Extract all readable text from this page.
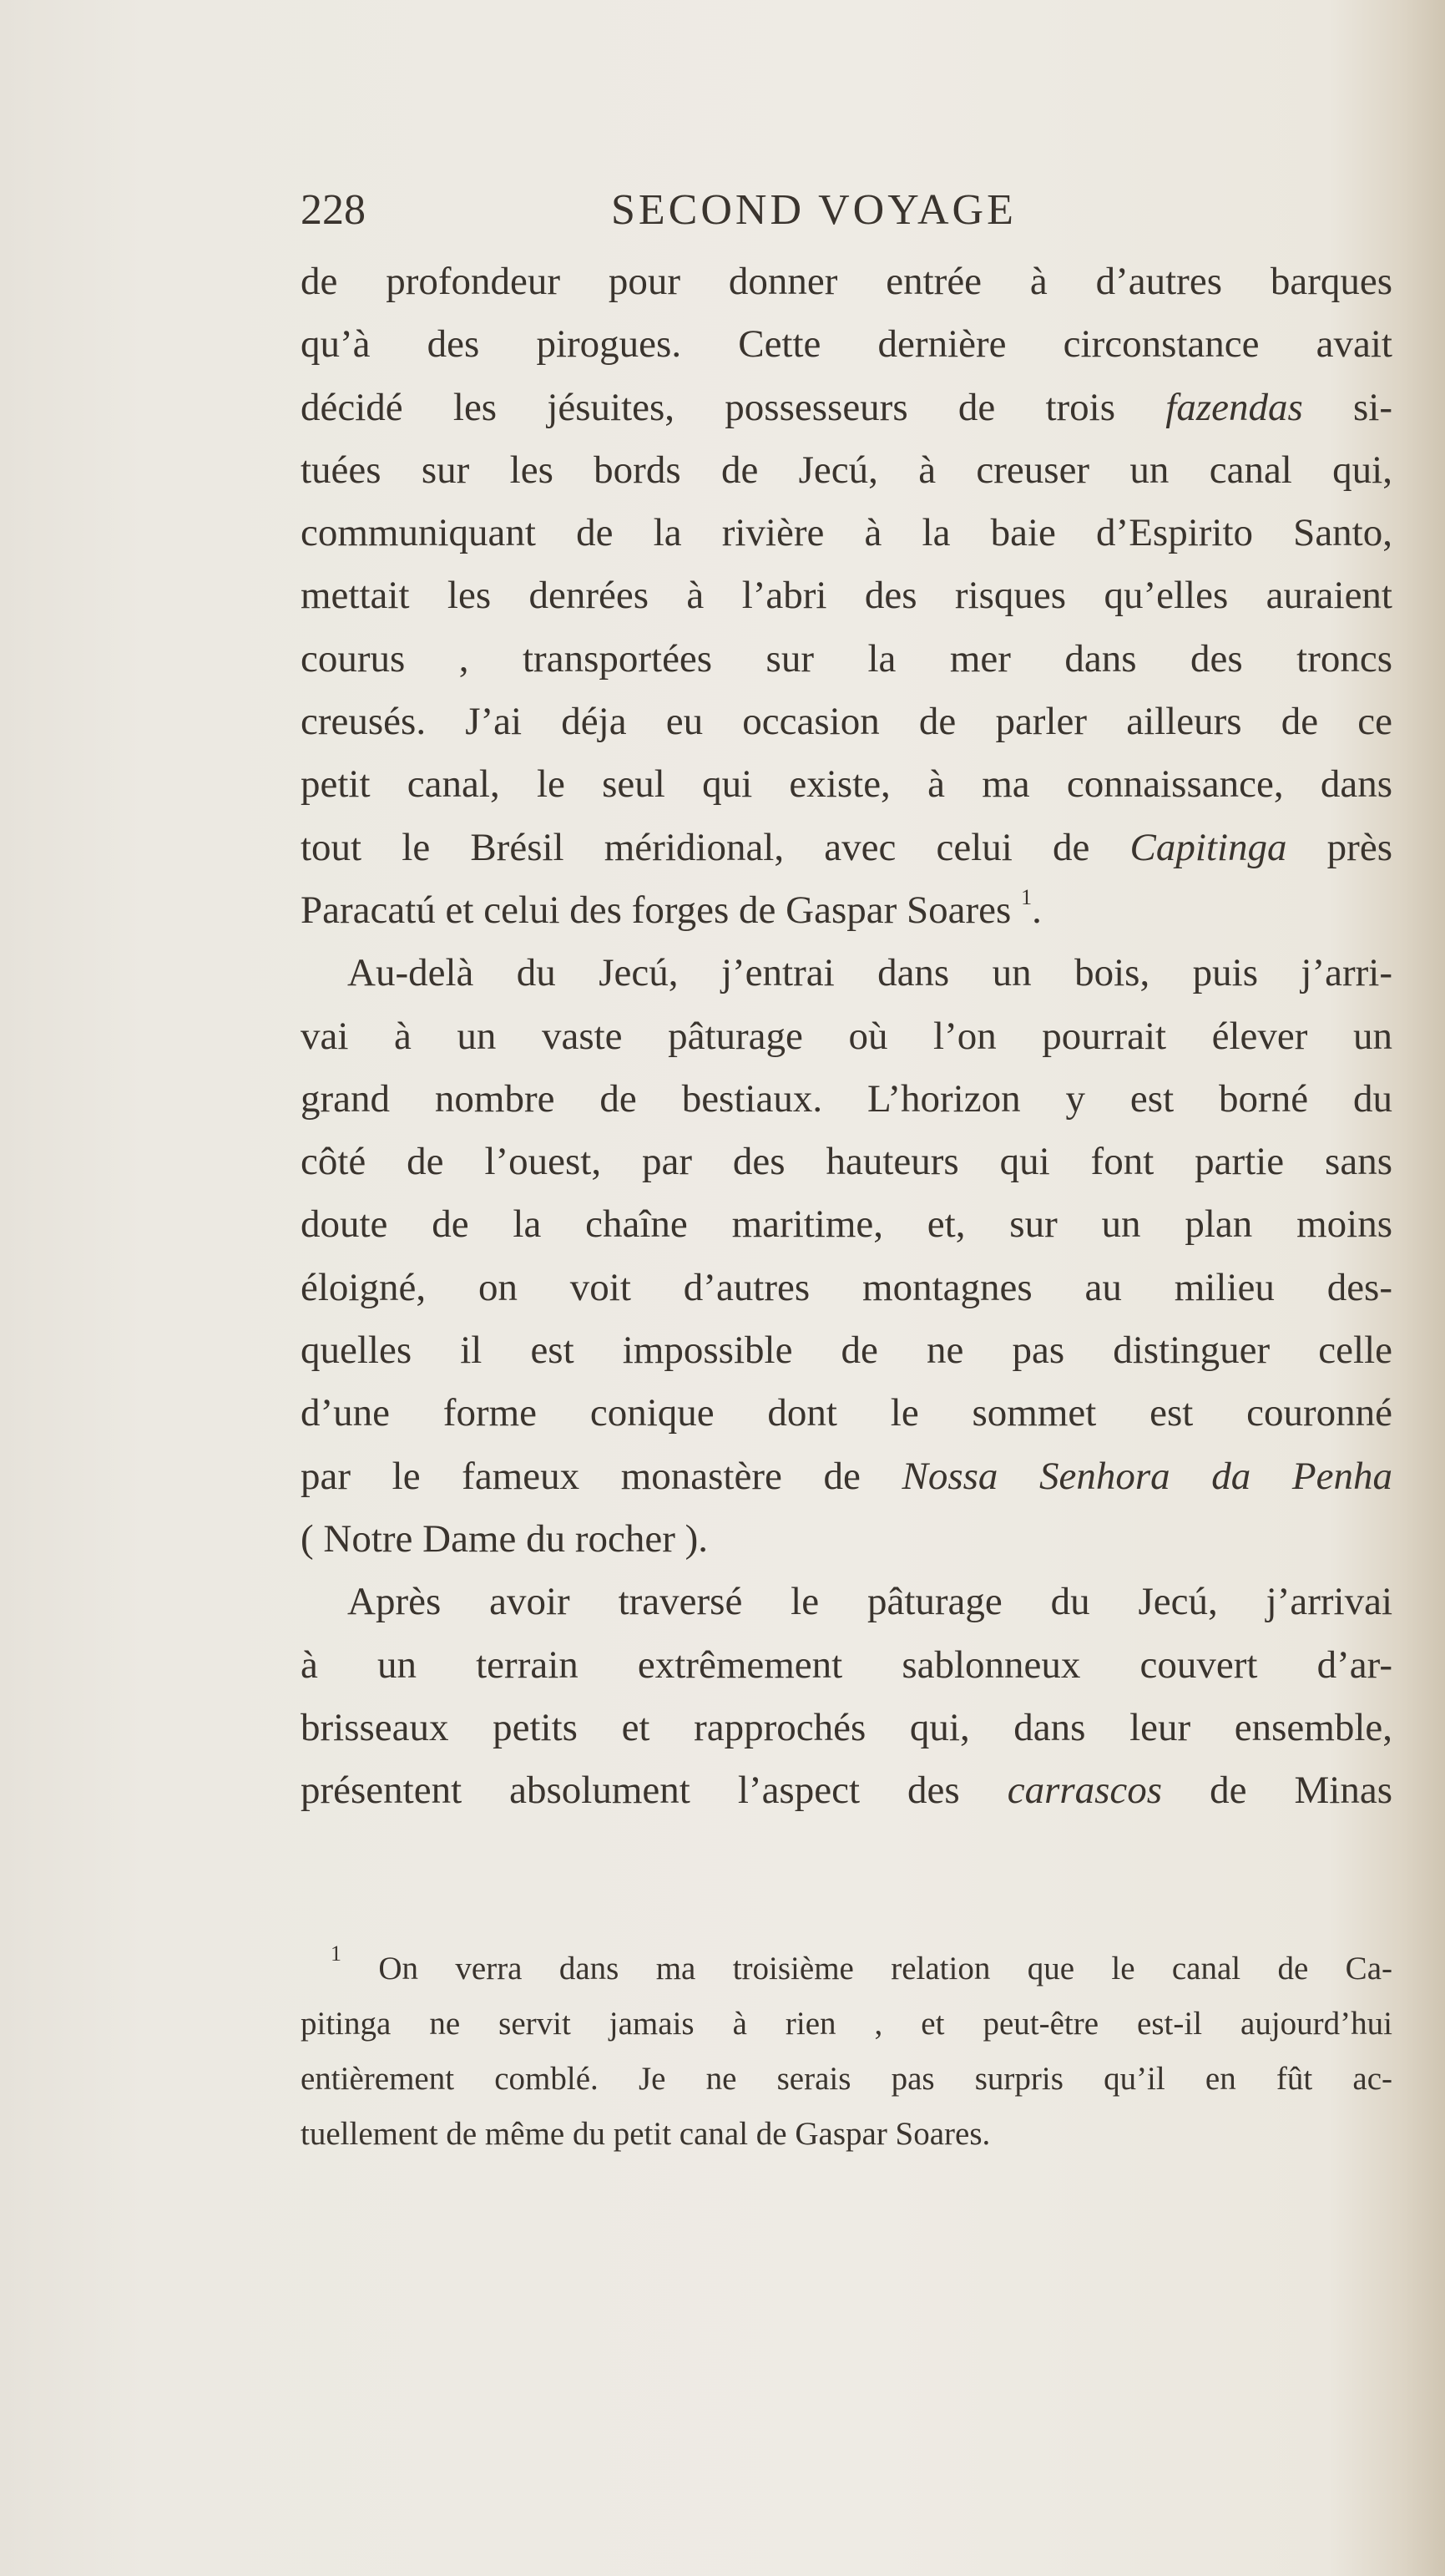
228	SECOND VOYAGE
de profondeur pour donner entrée à d’autres barques
qu’à des pirogues. Cette dernière circonstance avait
décidé les jésuites, possesseurs de trois fazendas si-
tuées sur les bords de Jecú, à creuser un canal qui,
communiquant de la rivière à la baie d’Espirito Santo,
mettait les denrées à l’abri des risques qu’elles auraient
courus , transportées sur la mer dans des troncs
creusés. J’ai déja eu occasion de parler ailleurs de ce
petit canal, le seul qui existe, à ma connaissance, dans
tout le Brésil méridional, avec celui de Capitinga près
Paracatú et celui des forges de Gaspar Soares $^1$.
Au-delà du Jecú, j’entrai dans un bois, puis j’arri-
vai à un vaste pâturage où l’on pourrait élever un
grand nombre de bestiaux. L’horizon y est borné du
côté de l’ouest, par des hauteurs qui font partie sans
doute de la chaîne maritime, et, sur un plan moins
éloigné, on voit d’autres montagnes au milieu des-
quelles il est impossible de ne pas distinguer celle
d’une forme conique dont le sommet est couronné
par le fameux monastère de Nossa Senhora da Penha
( Notre Dame du rocher ).
Après avoir traversé le pâturage du Jecú, j’arrivai
à un terrain extrêmement sablonneux couvert d’ar-
brisseaux petits et rapprochés qui, dans leur ensemble,
présentent absolument l’aspect des carrascos de Minas
$^1$ On verra dans ma troisième relation que le canal de Ca-
pitinga ne servit jamais à rien , et peut-être est-il aujourd’hui
entièrement comblé. Je ne serais pas surpris qu’il en fût ac-
tuellement de même du petit canal de Gaspar Soares.
